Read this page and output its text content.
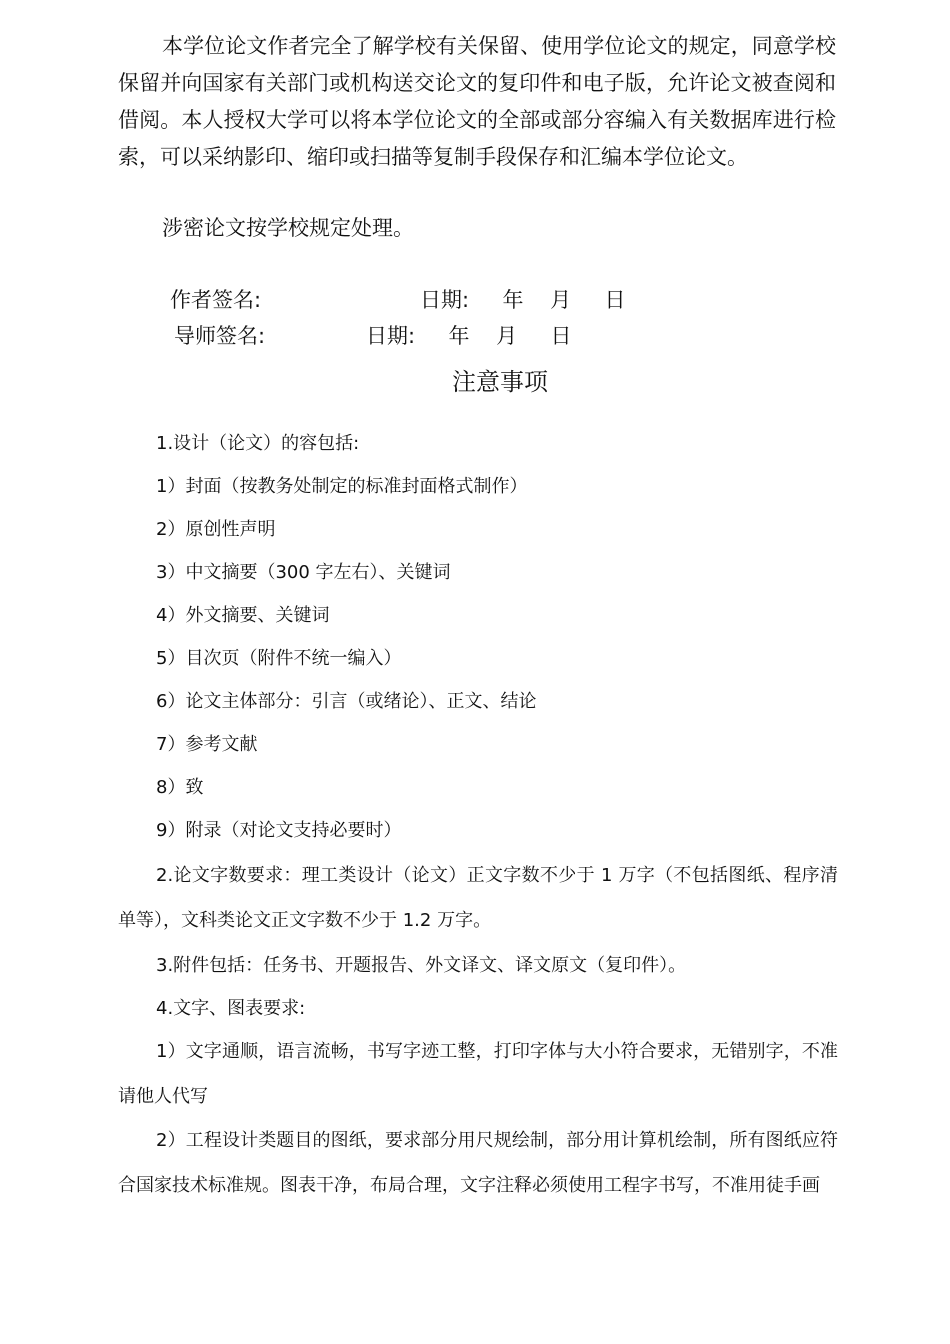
本学位论文作者完全了解学校有关保留、使用学位论文的规定，同意学校保留并向国家有关部门或机构送交论文的复印件和电子版，允许论文被查阅和借阅。本人授权大学可以将本学位论文的全部或部分容编入有关数据库进行检索，可以采纳影印、缩印或扫描等复制手段保存和汇编本学位论文。

涉密论文按学校规定处理。

作者签名:	日期:     年    月     日
导师签名:	日期:     年    月     日
注意事项

1.设计（论文）的容包括:

1）封面（按教务处制定的标准封面格式制作）

2）原创性声明

3）中文摘要（300 字左右）、关键词

4）外文摘要、关键词

5）目次页（附件不统一编入）

6）论文主体部分：引言（或绪论）、正文、结论

7）参考文献

8）致

9）附录（对论文支持必要时）

2.论文字数要求：理工类设计（论文）正文字数不少于 1 万字（不包括图纸、程序清单等），文科类论文正文字数不少于 1.2 万字。

3.附件包括：任务书、开题报告、外文译文、译文原文（复印件）。

4.文字、图表要求:

1）文字通顺，语言流畅，书写字迹工整，打印字体与大小符合要求，无错别字，不准请他人代写

2）工程设计类题目的图纸，要求部分用尺规绘制，部分用计算机绘制，所有图纸应符合国家技术标准规。图表干净，布局合理，文字注释必须使用工程字书写，不准用徒手画
